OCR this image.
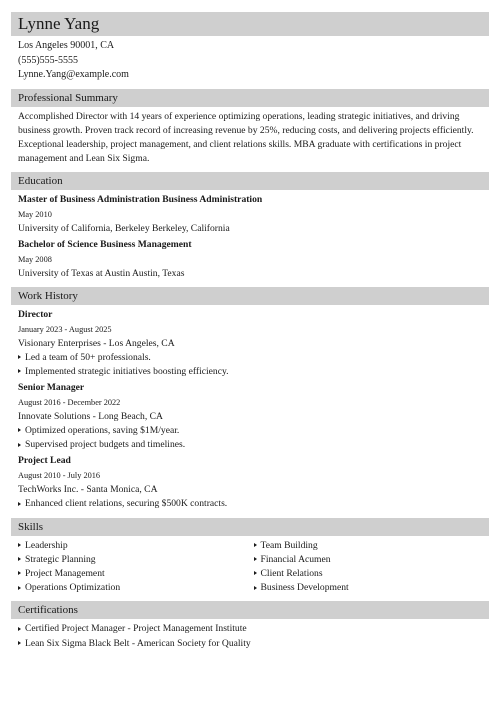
Lynne Yang
Los Angeles 90001, CA
(555)555-5555
Lynne.Yang@example.com
Professional Summary
Accomplished Director with 14 years of experience optimizing operations, leading strategic initiatives, and driving business growth. Proven track record of increasing revenue by 25%, reducing costs, and delivering projects efficiently. Exceptional leadership, project management, and client relations skills. MBA graduate with certifications in project management and Lean Six Sigma.
Education
Master of Business Administration Business Administration
May 2010
University of California, Berkeley Berkeley, California
Bachelor of Science Business Management
May 2008
University of Texas at Austin Austin, Texas
Work History
Director
January 2023 - August 2025
Visionary Enterprises - Los Angeles, CA
Led a team of 50+ professionals.
Implemented strategic initiatives boosting efficiency.
Senior Manager
August 2016 - December 2022
Innovate Solutions - Long Beach, CA
Optimized operations, saving $1M/year.
Supervised project budgets and timelines.
Project Lead
August 2010 - July 2016
TechWorks Inc. - Santa Monica, CA
Enhanced client relations, securing $500K contracts.
Skills
Leadership
Strategic Planning
Project Management
Operations Optimization
Team Building
Financial Acumen
Client Relations
Business Development
Certifications
Certified Project Manager - Project Management Institute
Lean Six Sigma Black Belt - American Society for Quality
